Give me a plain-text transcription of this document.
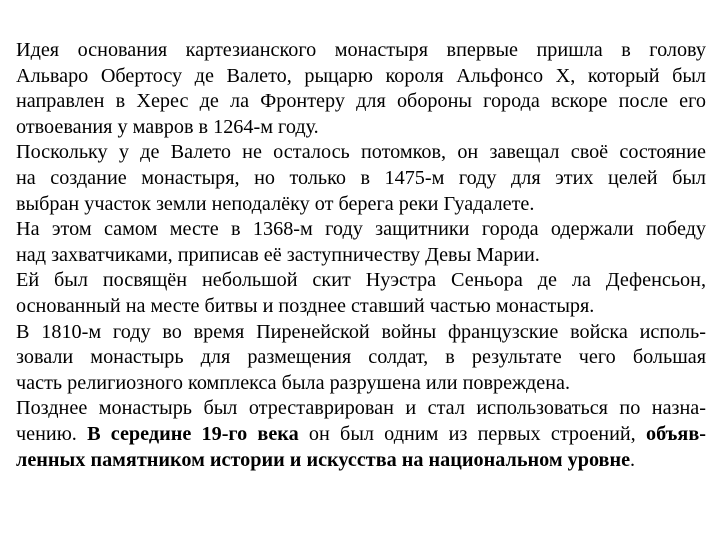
Идея основания картезианского монастыря впервые пришла в голову
Альваро Обертосу де Валето, рыцарю короля Альфонсо X, который был
направлен в Херес де ла Фронтеру для обороны города вскоре после его
отвоевания у мавров в 1264-м году.
Поскольку у де Валето не осталось потомков, он завещал своё состояние
на создание монастыря, но только в 1475-м году для этих целей был
выбран участок земли неподалёку от берега реки Гуадалете.
На этом самом месте в 1368-м году защитники города одержали победу
над захватчиками, приписав её заступничеству Девы Марии.
Ей был посвящён небольшой скит Нуэстра Сеньора де ла Дефенсьон,
основанный на месте битвы и позднее ставший частью монастыря.
В 1810-м году во время Пиренейской войны французские войска исполь-
зовали монастырь для размещения солдат, в результате чего большая
часть религиозного комплекса была разрушена или повреждена.
Позднее монастырь был отреставрирован и стал использоваться по назна-
чению. В середине 19-го века он был одним из первых строений, объяв-
ленных памятником истории и искусства на национальном уровне.
